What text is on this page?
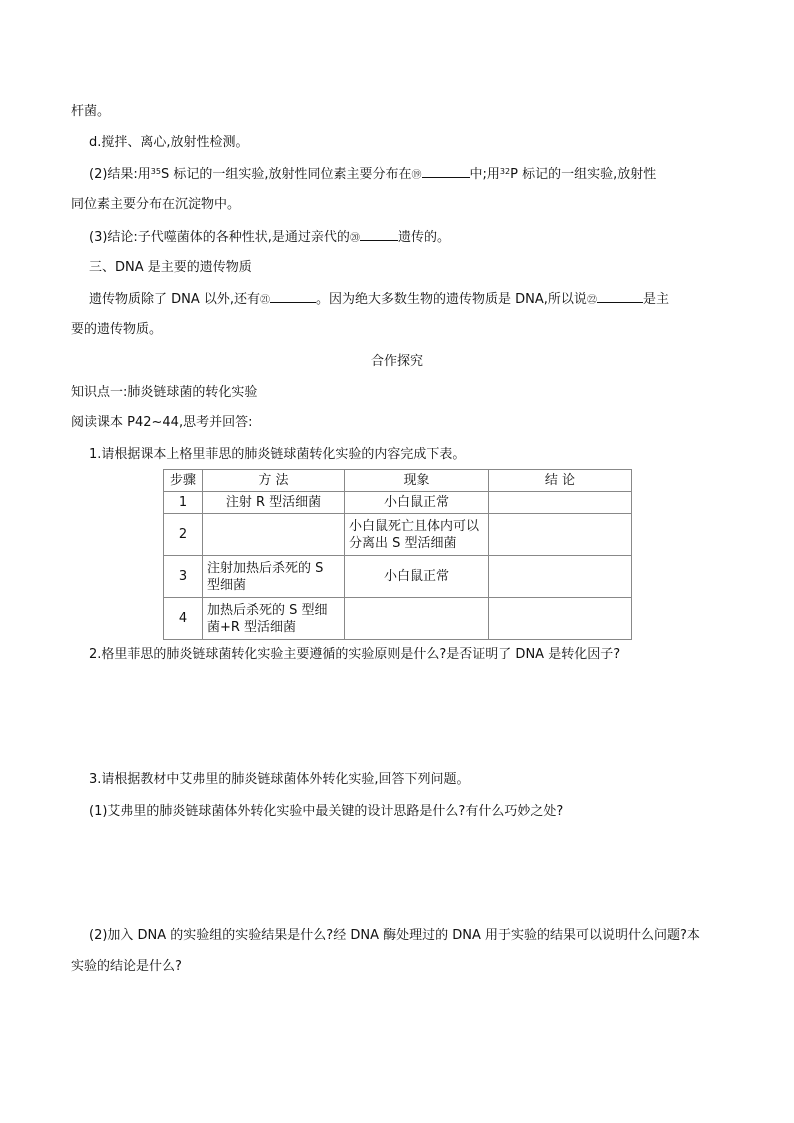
杆菌。
d.搅拌、离心,放射性检测。
(2)结果:用$^{35}$S 标记的一组实验,放射性同位素主要分布在⑲	中;用$^{32}$P 标记的一组实验,放射性
同位素主要分布在沉淀物中。
(3)结论:子代噬菌体的各种性状,是通过亲代的⑳	遗传的。
三、DNA 是主要的遗传物质
遗传物质除了 DNA 以外,还有㉑	。因为绝大多数生物的遗传物质是 DNA,所以说㉒	是主
要的遗传物质。
合作探究
知识点一:肺炎链球菌的转化实验
阅读课本 P42~44,思考并回答:
1.请根据课本上格里菲思的肺炎链球菌转化实验的内容完成下表。
步骤	方 法	现象	结 论
1	注射 R 型活细菌	小白鼠正常	
2		小白鼠死亡且体内可以分离出 S 型活细菌	
3	注射加热后杀死的 S 型细菌	小白鼠正常	
4	加热后杀死的 S 型细菌+R 型活细菌		
2.格里菲思的肺炎链球菌转化实验主要遵循的实验原则是什么?是否证明了 DNA 是转化因子?
3.请根据教材中艾弗里的肺炎链球菌体外转化实验,回答下列问题。
(1)艾弗里的肺炎链球菌体外转化实验中最关键的设计思路是什么?有什么巧妙之处?
(2)加入 DNA 的实验组的实验结果是什么?经 DNA 酶处理过的 DNA 用于实验的结果可以说明什么问题?本
实验的结论是什么?
